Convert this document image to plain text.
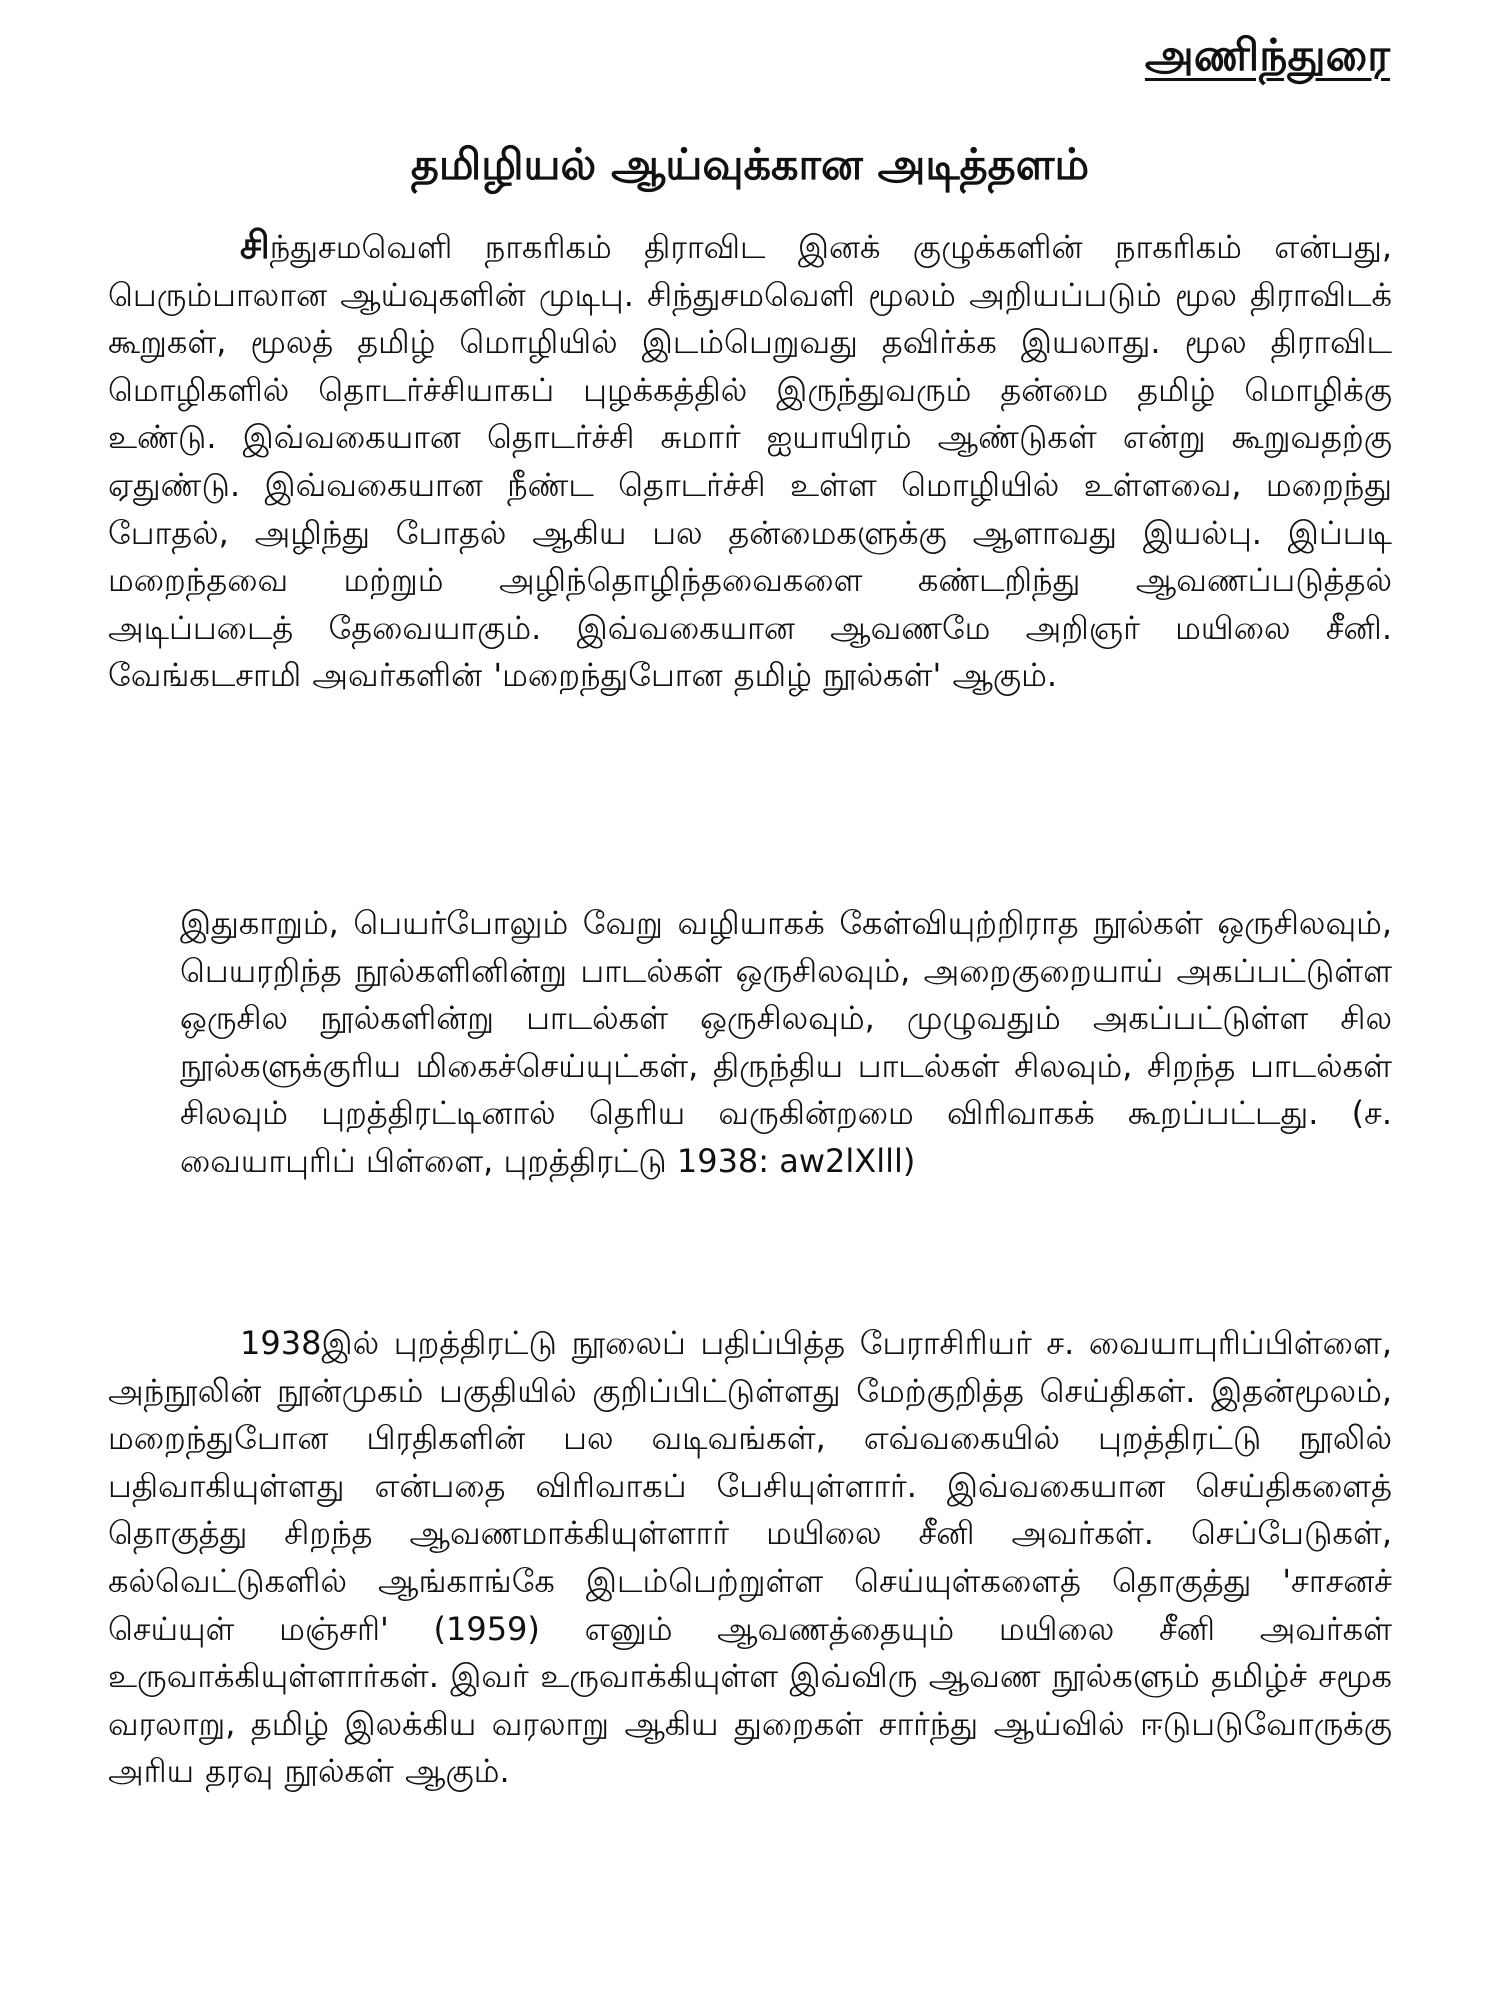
அணிந்துரை
தமிழியல் ஆய்வுக்கான அடித்தளம்

சிந்துசமவெளி நாகரிகம் திராவிட இனக் குழுக்களின் நாகரிகம் என்பது, பெரும்பாலான ஆய்வுகளின் முடிபு. சிந்துசமவெளி மூலம் அறியப்படும் மூல திராவிடக் கூறுகள், மூலத் தமிழ் மொழியில் இடம்பெறுவது தவிர்க்க இயலாது. மூல திராவிட மொழிகளில் தொடர்ச்சியாகப் புழக்கத்தில் இருந்துவரும் தன்மை தமிழ் மொழிக்கு உண்டு. இவ்வகையான தொடர்ச்சி சுமார் ஐயாயிரம் ஆண்டுகள் என்று கூறுவதற்கு ஏதுண்டு. இவ்வகையான நீண்ட தொடர்ச்சி உள்ள மொழியில் உள்ளவை, மறைந்து போதல், அழிந்து போதல் ஆகிய பல தன்மைகளுக்கு ஆளாவது இயல்பு. இப்படி மறைந்தவை மற்றும் அழிந்தொழிந்தவைகளை கண்டறிந்து ஆவணப்படுத்தல் அடிப்படைத் தேவையாகும். இவ்வகையான ஆவணமே அறிஞர் மயிலை சீனி. வேங்கடசாமி அவர்களின் 'மறைந்துபோன தமிழ் நூல்கள்' ஆகும்.

இதுகாறும், பெயர்போலும் வேறு வழியாகக் கேள்வியுற்றிராத நூல்கள் ஒருசிலவும், பெயரறிந்த நூல்களினின்று பாடல்கள் ஒருசிலவும், அறைகுறையாய் அகப்பட்டுள்ள ஒருசில நூல்களின்று பாடல்கள் ஒருசிலவும், முழுவதும் அகப்பட்டுள்ள சில நூல்களுக்குரிய மிகைச்செய்யுட்கள், திருந்திய பாடல்கள் சிலவும், சிறந்த பாடல்கள் சிலவும் புறத்திரட்டினால் தெரிய வருகின்றமை விரிவாகக் கூறப்பட்டது. (ச. வையாபுரிப் பிள்ளை, புறத்திரட்டு 1938: aw2lXlll)

1938இல் புறத்திரட்டு நூலைப் பதிப்பித்த பேராசிரியர் ச. வையாபுரிப்பிள்ளை, அந்நூலின் நூன்முகம் பகுதியில் குறிப்பிட்டுள்ளது மேற்குறித்த செய்திகள். இதன்மூலம், மறைந்துபோன பிரதிகளின் பல வடிவங்கள், எவ்வகையில் புறத்திரட்டு நூலில் பதிவாகியுள்ளது என்பதை விரிவாகப் பேசியுள்ளார். இவ்வகையான செய்திகளைத் தொகுத்து சிறந்த ஆவணமாக்கியுள்ளார் மயிலை சீனி அவர்கள். செப்பேடுகள், கல்வெட்டுகளில் ஆங்காங்கே இடம்பெற்றுள்ள செய்யுள்களைத் தொகுத்து 'சாசனச் செய்யுள் மஞ்சரி' (1959) எனும் ஆவணத்தையும் மயிலை சீனி அவர்கள் உருவாக்கியுள்ளார்கள். இவர் உருவாக்கியுள்ள இவ்விரு ஆவண நூல்களும் தமிழ்ச் சமூக வரலாறு, தமிழ் இலக்கிய வரலாறு ஆகிய துறைகள் சார்ந்து ஆய்வில் ஈடுபடுவோருக்கு அரிய தரவு நூல்கள் ஆகும்.
